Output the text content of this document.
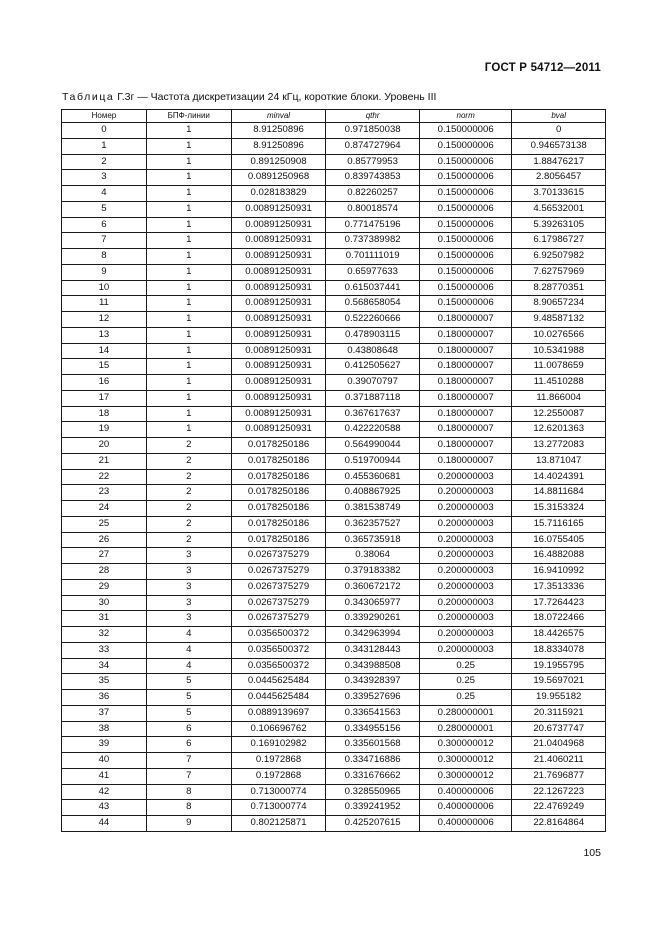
ГОСТ Р 54712—2011
Таблица Г.3г — Частота дискретизации 24 кГц, короткие блоки. Уровень III
Номер	БПФ-линии	minval	qthr	norm	bval
0	1	8.91250896	0.971850038	0.150000006	0
1	1	8.91250896	0.874727964	0.150000006	0.946573138
2	1	0.891250908	0.85779953	0.150000006	1.88476217
3	1	0.0891250968	0.839743853	0.150000006	2.8056457
4	1	0.028183829	0.82260257	0.150000006	3.70133615
5	1	0.00891250931	0.80018574	0.150000006	4.56532001
6	1	0.00891250931	0.771475196	0.150000006	5.39263105
7	1	0.00891250931	0.737389982	0.150000006	6.17986727
8	1	0.00891250931	0.701111019	0.150000006	6.92507982
9	1	0.00891250931	0.65977633	0.150000006	7.62757969
10	1	0.00891250931	0.615037441	0.150000006	8.28770351
11	1	0.00891250931	0.568658054	0.150000006	8.90657234
12	1	0.00891250931	0.522260666	0.180000007	9.48587132
13	1	0.00891250931	0.478903115	0.180000007	10.0276566
14	1	0.00891250931	0.43808648	0.180000007	10.5341988
15	1	0.00891250931	0.412505627	0.180000007	11.0078659
16	1	0.00891250931	0.39070797	0.180000007	11.4510288
17	1	0.00891250931	0.371887118	0.180000007	11.866004
18	1	0.00891250931	0.367617637	0.180000007	12.2550087
19	1	0.00891250931	0.422220588	0.180000007	12.6201363
20	2	0.0178250186	0.564990044	0.180000007	13.2772083
21	2	0.0178250186	0.519700944	0.180000007	13.871047
22	2	0.0178250186	0.455360681	0.200000003	14.4024391
23	2	0.0178250186	0.408867925	0.200000003	14.8811684
24	2	0.0178250186	0.381538749	0.200000003	15.3153324
25	2	0.0178250186	0.362357527	0.200000003	15.7116165
26	2	0.0178250186	0.365735918	0.200000003	16.0755405
27	3	0.0267375279	0.38064	0.200000003	16.4882088
28	3	0.0267375279	0.379183382	0.200000003	16.9410992
29	3	0.0267375279	0.360672172	0.200000003	17.3513336
30	3	0.0267375279	0.343065977	0.200000003	17.7264423
31	3	0.0267375279	0.339290261	0.200000003	18.0722466
32	4	0.0356500372	0.342963994	0.200000003	18.4426575
33	4	0.0356500372	0.343128443	0.200000003	18.8334078
34	4	0.0356500372	0.343988508	0.25	19.1955795
35	5	0.0445625484	0.343928397	0.25	19.5697021
36	5	0.0445625484	0.339527696	0.25	19.955182
37	5	0.0889139697	0.336541563	0.280000001	20.3115921
38	6	0.106696762	0.334955156	0.280000001	20.6737747
39	6	0.169102982	0.335601568	0.300000012	21.0404968
40	7	0.1972868	0.334716886	0.300000012	21.4060211
41	7	0.1972868	0.331676662	0.300000012	21.7696877
42	8	0.713000774	0.328550965	0.400000006	22.1267223
43	8	0.713000774	0.339241952	0.400000006	22.4769249
44	9	0.802125871	0.425207615	0.400000006	22.8164864
105
